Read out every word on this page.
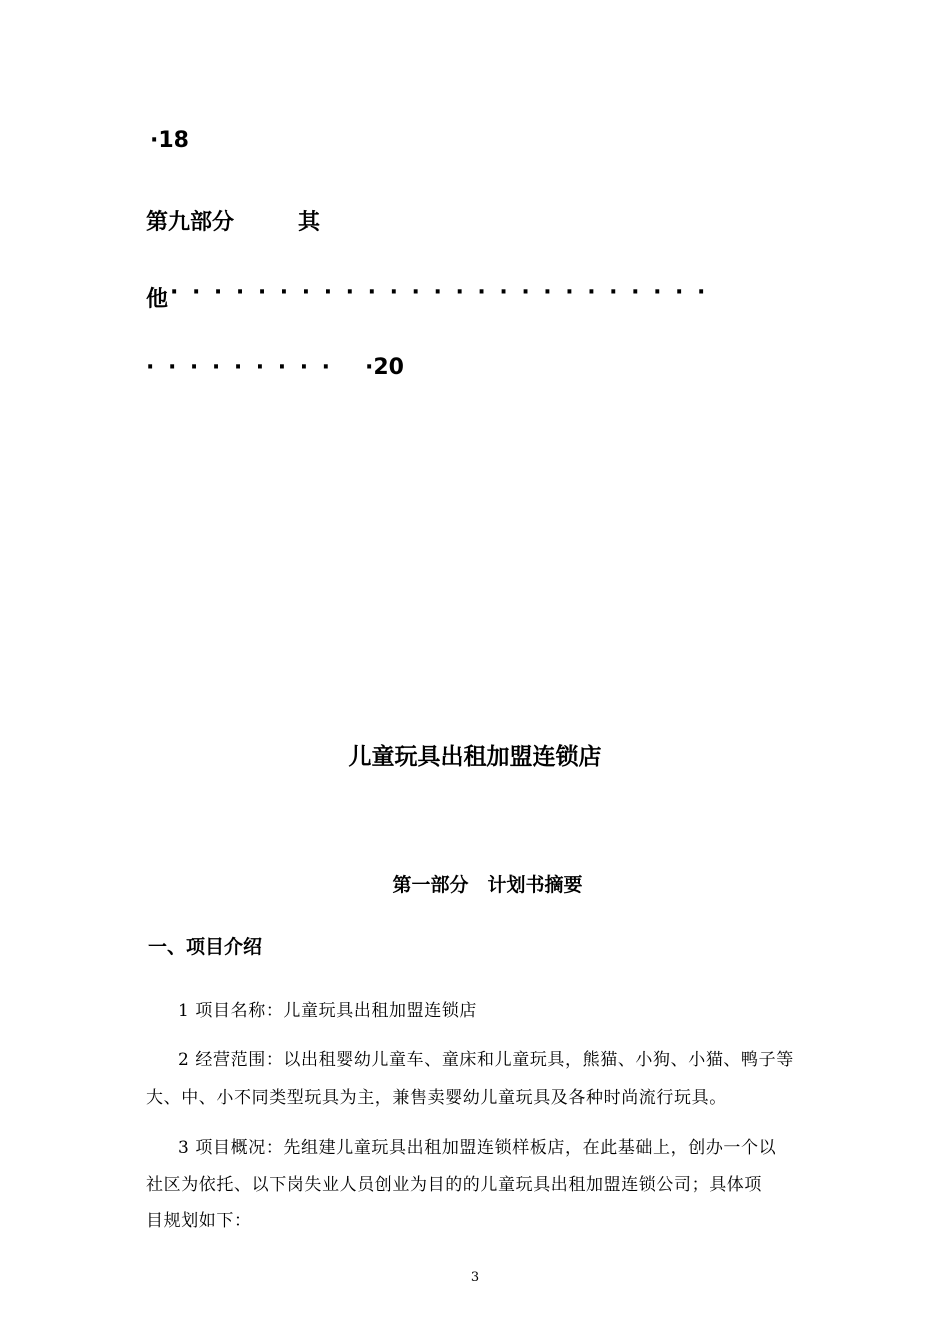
·18
第九部分	其
他 ·························
········· ·20
儿童玩具出租加盟连锁店
第一部分　计划书摘要
一、项目介绍
1 项目名称：儿童玩具出租加盟连锁店
2 经营范围：以出租婴幼儿童车、童床和儿童玩具，熊猫、小狗、小猫、鸭子等
大、中、小不同类型玩具为主，兼售卖婴幼儿童玩具及各种时尚流行玩具。
3 项目概况：先组建儿童玩具出租加盟连锁样板店，在此基础上，创办一个以
社区为依托、以下岗失业人员创业为目的的儿童玩具出租加盟连锁公司；具体项
目规划如下：
3
